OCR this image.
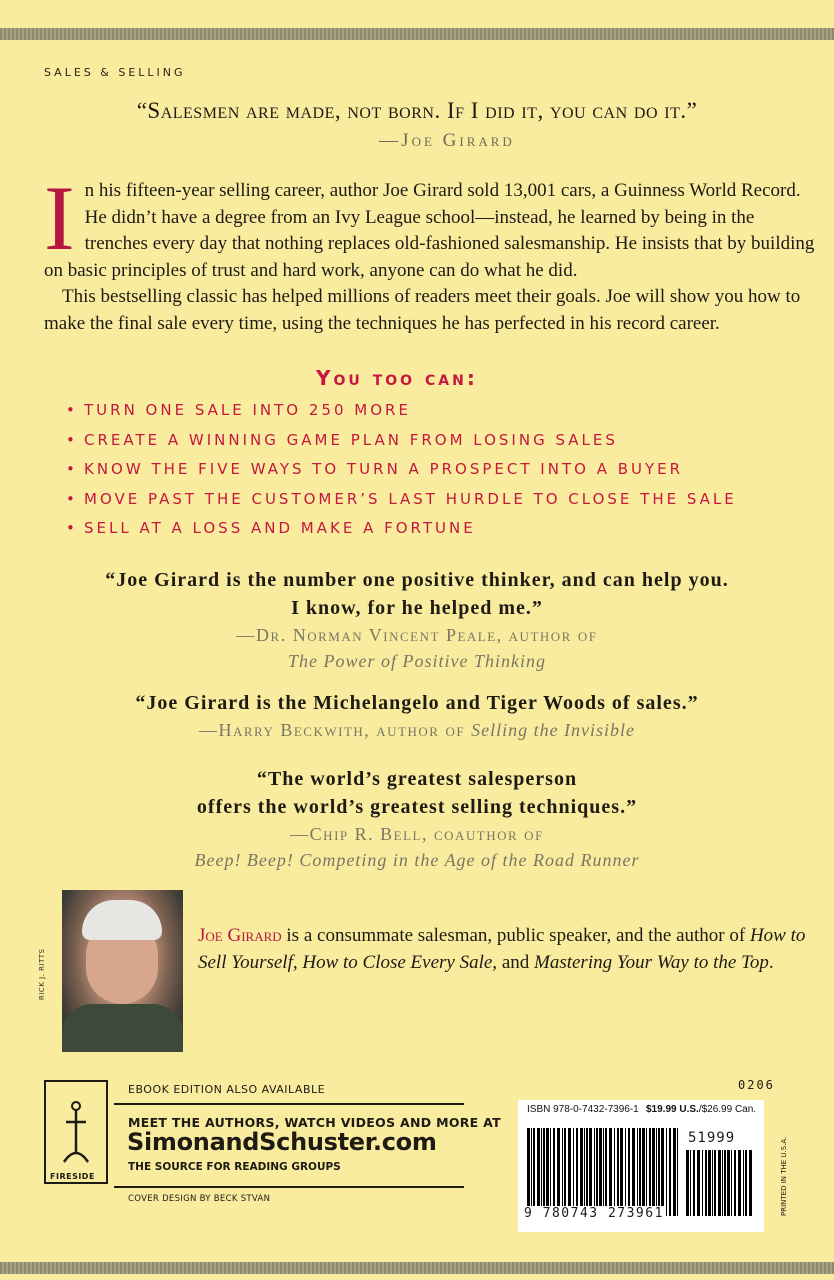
SALES & SELLING
“Salesmen are made, not born. If I did it, you can do it.”
—Joe Girard

In his fifteen-year selling career, author Joe Girard sold 13,001 cars, a Guinness World Record. He didn’t have a degree from an Ivy League school—instead, he learned by being in the trenches every day that nothing replaces old-fashioned salesmanship. He insists that by building on basic principles of trust and hard work, anyone can do what he did.

This bestselling classic has helped millions of readers meet their goals. Joe will show you how to make the final sale every time, using the techniques he has perfected in his record career.

You too can:
• TURN ONE SALE INTO 250 MORE
• CREATE A WINNING GAME PLAN FROM LOSING SALES
• KNOW THE FIVE WAYS TO TURN A PROSPECT INTO A BUYER
• MOVE PAST THE CUSTOMER’S LAST HURDLE TO CLOSE THE SALE
• SELL AT A LOSS AND MAKE A FORTUNE
“Joe Girard is the number one positive thinker, and can help you.
I know, for he helped me.”
—Dr. Norman Vincent Peale, author of
The Power of Positive Thinking
“Joe Girard is the Michelangelo and Tiger Woods of sales.”
—Harry Beckwith, author of Selling the Invisible
“The world’s greatest salesperson
offers the world’s greatest selling techniques.”
—Chip R. Bell, coauthor of
Beep! Beep! Competing in the Age of the Road Runner
RICK J. RITTS
Joe Girard is a consummate salesman, public speaker, and the author of How to Sell Yourself, How to Close Every Sale, and Mastering Your Way to the Top.
FIRESIDE
EBOOK EDITION ALSO AVAILABLE
MEET THE AUTHORS, WATCH VIDEOS AND MORE AT
SimonandSchuster.com
THE SOURCE FOR READING GROUPS
COVER DESIGN BY BECK STVAN
0206
ISBN 978-0-7432-7396-1 $19.99 U.S./$26.99 Can.
51999
9 780743 273961	PRINTED IN THE U.S.A.
